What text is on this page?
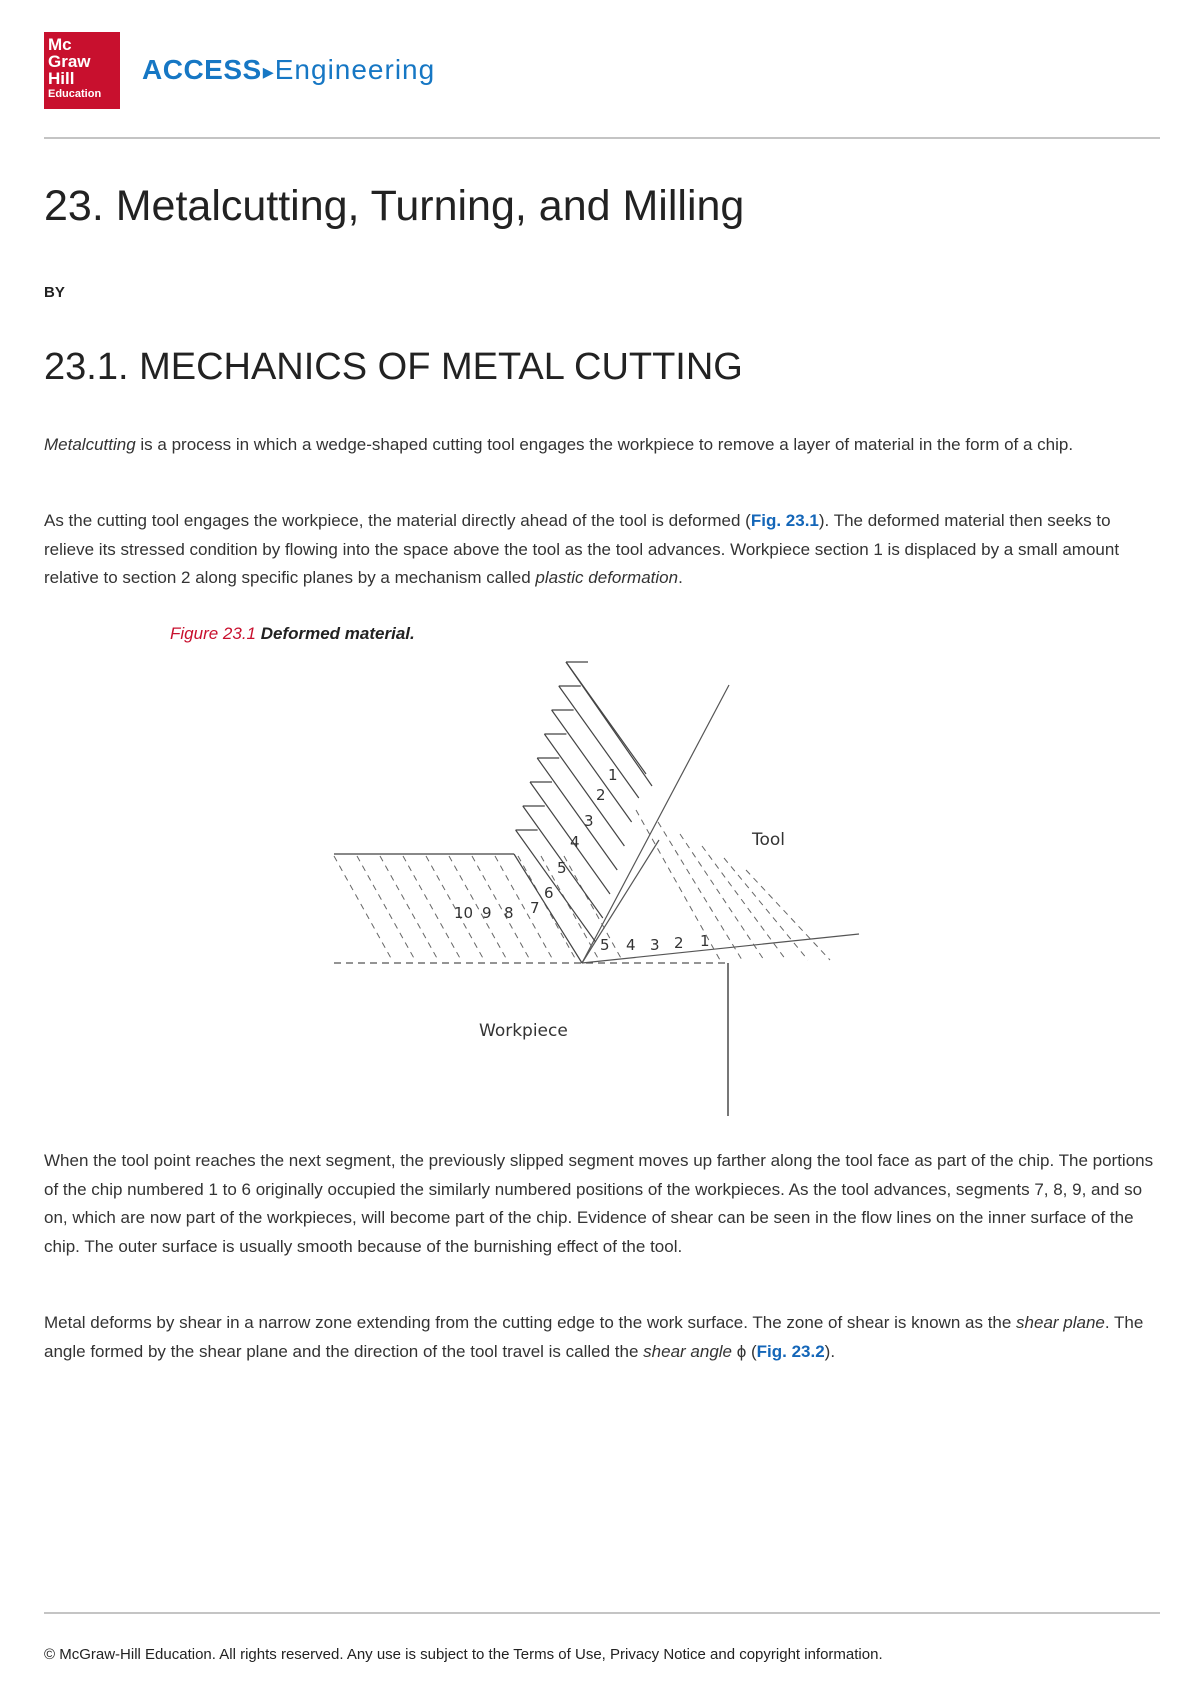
Mc
Graw
Hill
Education
ACCESS▸Engineering
23. Metalcutting, Turning, and Milling
BY
23.1. MECHANICS OF METAL CUTTING

Metalcutting is a process in which a wedge-shaped cutting tool engages the workpiece to remove a layer of material in the form of a chip.

As the cutting tool engages the workpiece, the material directly ahead of the tool is deformed (Fig. 23.1). The deformed material then seeks to relieve its stressed condition by flowing into the space above the tool as the tool advances. Workpiece section 1 is displaced by a small amount relative to section 2 along specific planes by a mechanism called plastic deformation.

Figure 23.1 Deformed material.
1
2
3
4
5
6
10 9 8 7
5 4 3 2 1
Tool
Workpiece

When the tool point reaches the next segment, the previously slipped segment moves up farther along the tool face as part of the chip. The portions of the chip numbered 1 to 6 originally occupied the similarly numbered positions of the workpieces. As the tool advances, segments 7, 8, 9, and so on, which are now part of the workpieces, will become part of the chip. Evidence of shear can be seen in the flow lines on the inner surface of the chip. The outer surface is usually smooth because of the burnishing effect of the tool.

Metal deforms by shear in a narrow zone extending from the cutting edge to the work surface. The zone of shear is known as the shear plane. The angle formed by the shear plane and the direction of the tool travel is called the shear angle ϕ (Fig. 23.2).

© McGraw-Hill Education. All rights reserved. Any use is subject to the Terms of Use, Privacy Notice and copyright information.
